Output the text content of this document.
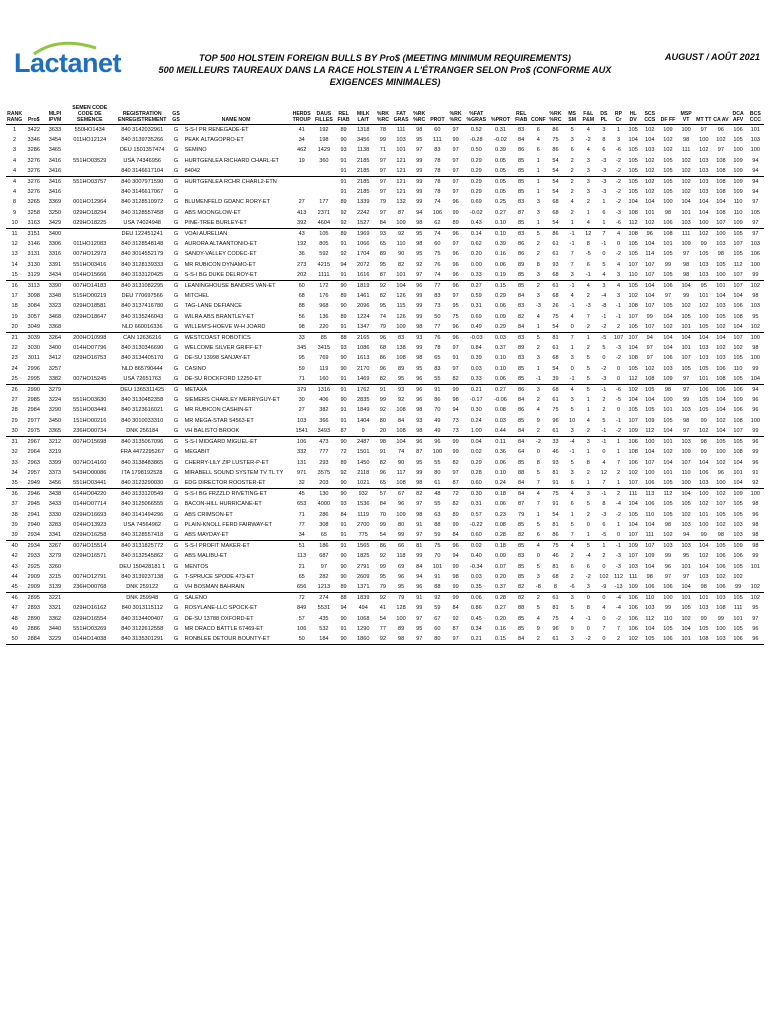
Lactanet	TOP 500 HOLSTEIN FOREIGN BULLS BY Pro$ (MEETING MINIMUM REQUIREMENTS)
500 MEILLEURS TAUREAUX DANS LA RACE HOLSTEIN A L'ÉTRANGER SELON Pro$ (CONFORME AUX EXIGENCES MINIMALES)
AUGUST / AOÛT 2021
RANK RANG	Pro$	MLPI IPVM	SEMEN CODE CODE DE SEMENCE	REGISTRATION ENREGISTREMENT	GS GS	NAME NOM	HERDS TROUP	DAUS FILLES	REL FIAB	MILK LAIT	%RK %RC	FAT GRAS	%RK %RC	PROT	%RK %RC	%FAT %GRAS	%PROT	REL FIAB	CONF	%RK %RC	MS SM	F&L P&M	DS PL	RP Cr	HL DV	SCS CCS	DF FF	MSP VT	MT TT	CA AV	DCA AFV	BCS CCC
1	3422	3633	550HO1434	840 3142032961	G	S-S-I PR RENEGADE-ET	41	192	89	1318	78	111	98	60	97	0.52	0.31	83	6	86	5	4	3	1	105	102	109	100	97	96	106	101
2	3346	3454	011HO12124	840 3139735266	G	PEAK ALTAGOPRO-ET	34	198	90	3456	99	103	95	111	99	-0.28	-0.02	84	4	75	3	-2	8	3	104	104	102	98	100	102	105	103
3	3286	3465		DEU 1501357474	G	SEMINO	462	1429	93	1138	71	101	97	83	97	0.50	0.39	86	6	86	6	4	6	-6	105	103	102	111	102	97	100	100
4	3276	3416	551HO03529	USA 74346956	G	HURTGENLEA RICHARD CHARL-ET	19	360	91	2185	97	121	99	78	97	0.29	0.05	85	1	54	2	3	-3	-2	105	102	105	102	103	108	109	94
4	3276	3416		840 3146617104	G	84042			91	2185	97	121	99	78	97	0.29	0.05	85	1	54	2	3	-3	-2	105	102	105	102	103	108	109	94
4	3276	3416	551HO03757	840 3007971590	G	HURTGENLEA RCHR CHARL2-ETN			91	2185	97	121	99	78	97	0.29	0.05	85	1	54	2	3	-3	-2	105	102	105	102	103	108	109	94
4	3276	3416		840 3146617067	G				91	2185	97	121	99	78	97	0.29	0.05	85	1	54	2	3	-3	-2	105	102	105	102	103	108	109	94
8	3265	3369	001HO12964	840 3128510972	G	BLUMENFELD GDANC RORY-ET	27	177	89	1339	79	132	99	74	96	0.69	0.25	83	3	68	4	2	1	-2	104	104	100	104	104	104	110	97
9	3258	3250	029HO18294	840 3128557458	G	ABS MOONGLOW-ET	413	2371	92	2242	97	87	94	106	99	-0.02	0.27	87	3	68	2	1	6	-3	108	101	98	101	104	108	110	105
10	3163	3429	029HO18225	USA 74024948	G	PINE-TREE BURLEY-ET	392	4604	92	1527	84	109	98	62	89	0.43	0.10	85	1	54	1	4	1	-6	112	102	106	103	100	107	109	97
11	3151	3400		DEU 122451241	G	VOAI AURELIAN	43	105	89	1969	93	92	95	74	96	0.14	0.10	83	5	86	-1	12	7	4	108	96	108	111	102	100	105	97
12	3146	3306	011HO12083	840 3128548148	G	AURORA ALTAANTONIO-ET	192	805	91	1066	65	110	98	60	97	0.62	0.39	86	2	61	-1	8	-1	0	105	104	101	109	99	103	107	103
13	3131	3316	007HO12973	840 3014552179	G	SANDY-VALLEY CODEC-ET	36	592	92	1704	89	90	95	75	96	0.20	0.16	86	2	61	7	-5	0	-2	105	114	105	97	105	98	105	106
14	3130	3391	551HO03416	840 3128139333	G	MR RUBICON DYNAMO-ET	273	4215	94	2072	95	82	92	76	96	0.00	0.06	89	8	93	7	6	5	4	107	107	99	98	103	105	112	100
15	3129	3434	014HO15666	840 3133120425	G	S-S-I BG DUKE DELROY-ET	202	1111	91	1616	87	101	97	74	96	0.33	0.19	85	3	68	3	-1	4	3	110	107	105	98	103	100	107	99
16	3113	3390	007HO14183	840 3131082295	G	LEANINGHOUSE BANDRS VAN-ET	60	172	90	1819	92	104	96	77	96	0.27	0.15	85	2	61	-1	4	3	4	105	104	106	104	95	101	107	102
17	3098	3348	515HO00219	DEU 770697566	G	MITCHEL	68	176	89	1461	82	126	99	83	97	0.59	0.29	84	3	68	4	2	-4	3	102	104	97	99	101	104	104	98
18	3084	3323	029HO18581	840 3137416780	G	TAG-LANE DEFIANCE	88	968	90	2096	95	115	99	73	95	0.31	0.06	83	-3	26	-1	-3	-8	-1	108	107	105	102	102	103	106	103
19	3057	3468	029HO18647	840 3135246043	G	WILRA ABS BRANTLEY-ET	56	136	89	1224	74	126	99	50	75	0.69	0.09	82	4	75	4	7	-1	-1	107	99	104	105	100	105	108	95
20	3049	3368		NLD 660016336	G	WILLEM'S-HOEVE W-H JOARD	98	220	91	1347	79	109	98	77	96	0.49	0.29	84	1	54	0	2	-2	2	105	107	102	101	105	102	104	102
21	3039	3264	200HO10998	CAN 12636216	G	WESTCOAST ROBOTICS	33	85	88	2165	96	83	93	76	96	-0.03	0.03	83	5	81	7	1	-5	107	107	94	104	104	104	104	107	100
22	3030	3400	014HO07796	840 3130346690	G	WELCOME SILVER GRIFF-ET	345	3415	93	1086	68	138	99	78	97	0.84	0.37	89	2	61	1	2	5	-3	104	97	104	101	103	102	102	98
23	3011	3412	029HO16753	840 3134405170	G	DE-SU 13998 SANJAY-ET	95	769	90	1613	86	108	98	65	91	0.39	0.10	83	3	68	3	5	0	-2	108	97	106	107	103	103	105	100
24	2996	3257		NLD 865790444	G	CASINO	59	119	90	2170	96	89	95	83	97	0.03	0.10	85	1	54	0	5	-2	0	105	102	103	105	105	106	110	99
25	2995	3382	007HO15245	USA 72651763	G	DE-SU ROCKFORD 12250-ET	71	160	91	1469	82	95	96	55	82	0.33	0.06	85	-1	39	-1	5	-3	0	112	108	109	97	101	108	105	104
26	2990	3279		DEU 1365311425	G	METAXA	379	1316	91	1762	91	93	96	91	99	0.21	0.27	86	3	68	4	5	-1	-6	102	105	98	97	106	106	106	94
27	2985	3224	551HO03630	840 3130482358	G	SIEMERS CHARLEY MERRYGUY-ET	30	406	90	2835	99	92	96	86	98	-0.17	-0.06	84	2	61	3	1	2	-5	104	104	100	99	105	104	109	96
28	2984	3290	551HO03449	840 3123616021	G	MR RUBICON CASHIN-ET	27	382	91	1849	92	108	98	70	94	0.30	0.08	86	4	75	5	1	2	0	105	105	101	103	105	104	106	96
29	2977	3450	151HO00216	840 3010033310	G	MR MEGA-STAR 54563-ET	103	366	91	1404	80	84	93	49	73	0.24	0.03	85	9	96	10	4	5	-1	107	109	105	98	99	102	108	100
30	2975	3365	236HO00734	DNK 256184	G	VH BALISTO BROOK	1541	3493	87	9	20	108	98	49	73	1.00	0.44	84	2	61	3	2	-1	-2	109	112	104	97	102	104	107	99
31	2967	3212	007HO15698	840 3135067096	G	S-S-I MIDGARD MIGUEL-ET	106	473	90	2487	98	104	96	96	99	0.04	0.11	84	-2	33	-4	3	-1	1	106	100	101	103	98	105	105	96
32	2964	3219		FRA 4472295267	G	MEGABIT	332	777	72	1501	91	74	87	100	99	0.02	0.36	64	0	46	-1	1	0	1	108	104	102	109	99	100	108	99
33	2963	3399	007HO14160	840 3138483865	G	CHERRY-LILY ZIP LUSTER-P-ET	131	293	89	1450	82	90	95	55	82	0.29	0.06	85	8	93	5	8	4	7	106	107	104	107	104	102	104	96
34	2957	3373	543HO00086	ITA 1798192528	G	MIRABELL SOUND SYSTEM TV TL TY	971	3575	92	2118	96	117	99	80	97	0.28	0.10	88	5	81	3	2	12	2	102	100	101	110	106	96	101	91
35	2949	3456	551HO03441	840 3123290030	G	EDG DIRECTOR ROOSTER-ET	32	203	90	1021	65	108	98	61	87	0.60	0.24	84	7	91	6	1	7	1	107	106	105	100	103	100	104	92
36	2946	3438	614HO04220	840 3133120549	G	S-S-I BG FRZZLD RIVETING-ET	45	130	90	932	57	67	82	48	72	0.30	0.18	84	4	75	4	3	-1	2	111	113	112	104	100	102	109	100
37	2945	3433	014HO07714	840 3125066555	G	BACON-HILL HURRICANE-ET	653	4000	93	1536	84	96	97	55	82	0.31	0.06	87	7	91	6	5	8	-4	104	106	105	105	102	107	105	98
38	2941	3330	029HO16693	840 3141494296	G	ABS CRIMSON-ET	71	286	84	1119	70	109	98	63	89	0.57	0.23	79	1	54	1	2	-3	-2	105	110	105	102	101	105	105	96
39	2940	3283	014HO13923	USA 74564962	G	PLAIN-KNOLL FERD FAIRWAY-ET	77	308	91	2700	99	80	91	88	99	-0.22	0.08	85	5	81	5	0	6	1	104	104	98	103	100	102	103	98
39	2934	3341	029HO16258	840 3128557418	G	ABS MAYDAY-ET	34	65	91	775	54	99	97	59	84	0.60	0.28	82	6	86	7	1	-5	0	107	111	102	94	99	98	103	98
40	2934	3267	007HO15514	840 3131825772	G	S-S-I PROFIT MAKER-ET	51	186	91	1565	86	66	81	75	96	0.02	0.18	85	4	75	4	5	1	-1	109	107	103	103	104	105	109	98
42	2933	3279	029HO16571	840 3132545862	G	ABS MALIBU-ET	113	687	90	1825	92	118	99	70	94	0.40	0.09	83	0	46	2	-4	2	-3	107	109	99	95	102	106	106	99
43	2925	3260		DEU 150428181 1	G	MENTOS	21	97	90	2791	99	69	84	101	99	-0.34	0.07	85	5	81	6	6	0	-3	103	104	96	101	104	106	105	101
44	2909	3215	007HO12791	840 3139237138	G	T-SPRUCE SPODE 473-ET	65	282	90	2609	95	96	94	91	98	0.03	0.20	85	3	68	2	-2	102	112	111	98	97	97	103	102	102	
45	2909	3139	236HO00768	DNK 259122	G	VH BOSMAN BAHRAIN	656	1213	89	1371	79	95	96	88	99	0.35	0.37	82	-8	8	-6	3	-9	-13	109	106	106	104	98	106	99	102
46	2895	3221		DNK 259948	G	SALENO	72	274	88	1839	92	79	91	92	99	0.06	0.28	82	2	61	3	0	0	-4	106	110	100	101	101	103	105	102
47	2893	3321	029HO16162	840 3013115112	G	ROSYLANE-LLC SPOCK-ET	849	5531	94	494	41	128	99	59	84	0.86	0.27	88	5	81	5	8	4	-4	106	103	99	105	103	108	111	95
48	2890	3362	029HO16554	840 3134400407	G	DE-SU 13788 OXFORD-ET	57	435	90	1068	54	100	97	67	92	0.45	0.20	85	4	75	4	-1	0	-2	106	112	110	102	99	99	101	97
49	2886	3440	551HO03269	840 3122612558	G	MR DRACO BATTLE 67469-ET	106	532	91	1290	77	89	95	60	87	0.34	0.16	85	9	96	9	0	7	7	106	104	105	104	105	100	105	96
50	2884	3229	014HO14038	840 3135301291	G	RONBLEE DETOUR BOUNTY-ET	50	184	90	1860	92	98	97	80	97	0.21	0.15	84	2	61	3	-2	0	2	102	105	106	101	108	103	106	96
